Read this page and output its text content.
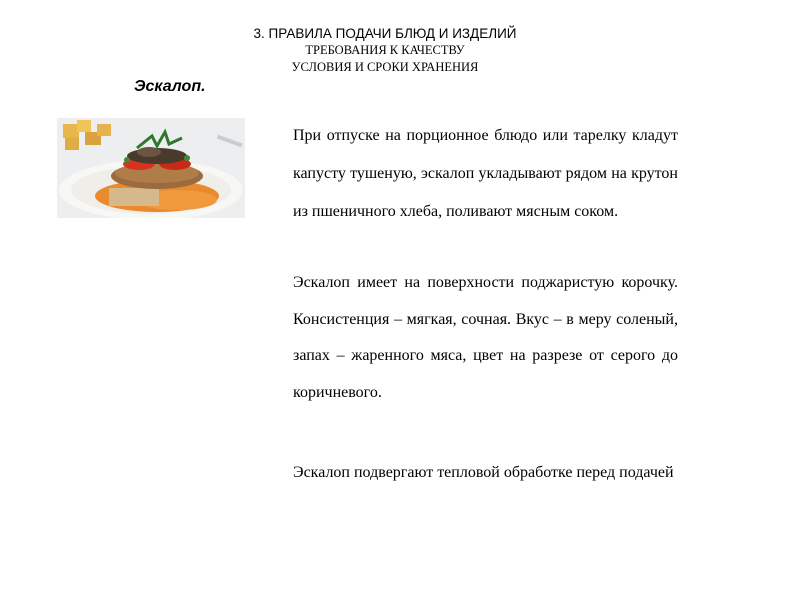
3. ПРАВИЛА ПОДАЧИ БЛЮД И ИЗДЕЛИЙ
ТРЕБОВАНИЯ К КАЧЕСТВУ
УСЛОВИЯ И СРОКИ ХРАНЕНИЯ
Эскалоп.
При отпуске на порционное блюдо или тарелку кладут капусту тушеную, эскалоп укладывают рядом на крутон из пшеничного хлеба, поливают мясным соком.
Эскалоп имеет на поверхности поджаристую корочку. Консистенция – мягкая, сочная. Вкус – в меру соленый, запах – жаренного мяса, цвет на разрезе от серого до коричневого.
Эскалоп подвергают тепловой обработке перед подачей
